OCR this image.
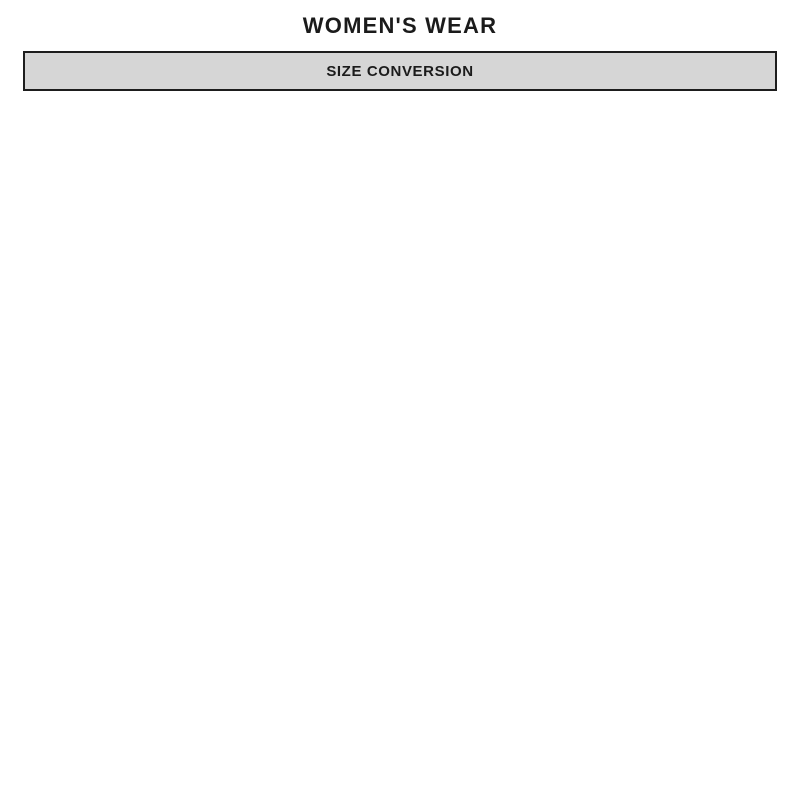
WOMEN'S WEAR
SIZE CONVERSION
